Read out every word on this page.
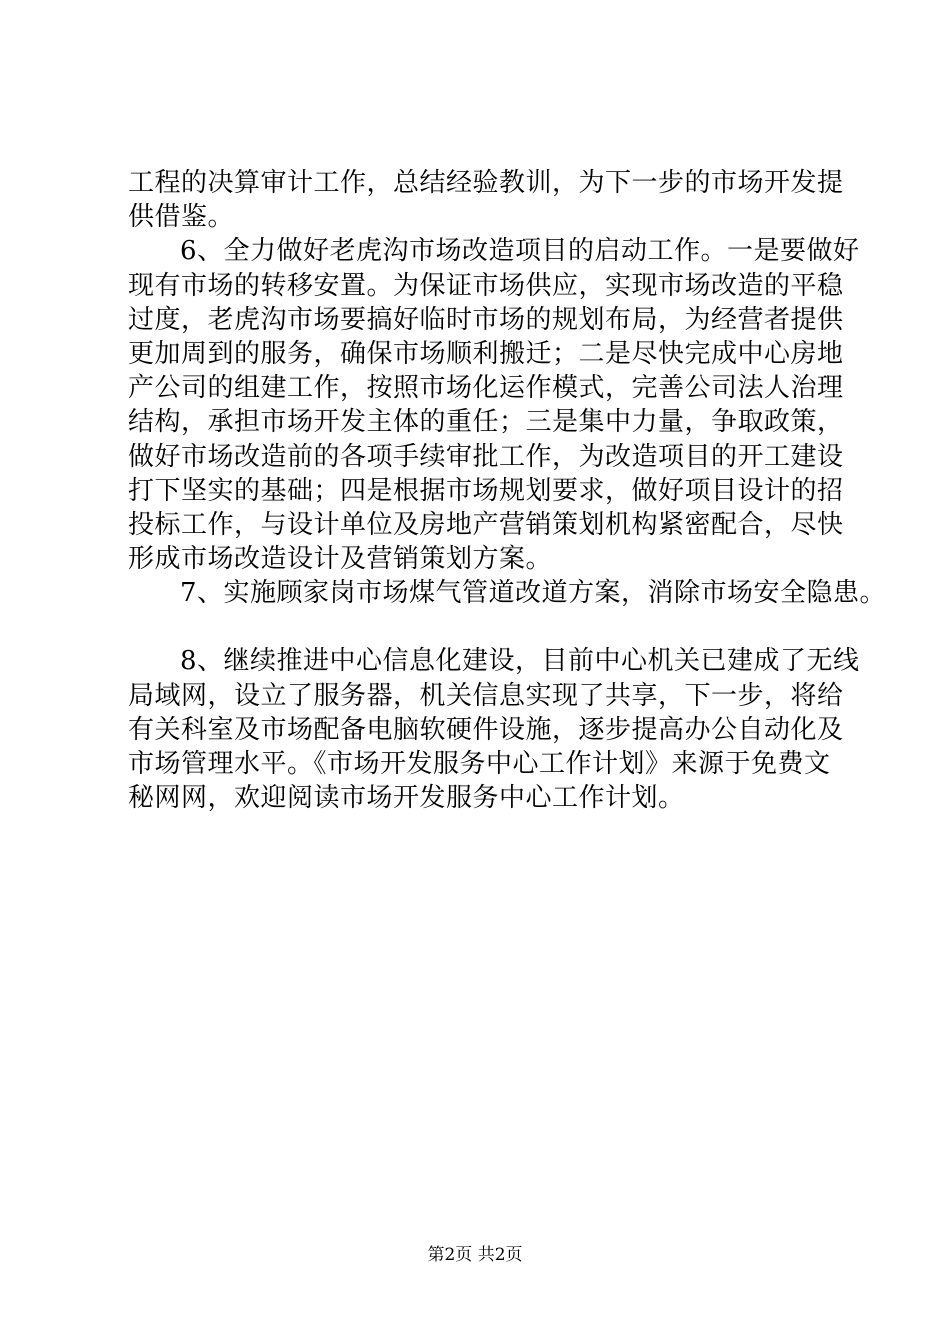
工程的决算审计工作，总结经验教训，为下一步的市场开发提
供借鉴。
6、全力做好老虎沟市场改造项目的启动工作。一是要做好
现有市场的转移安置。为保证市场供应，实现市场改造的平稳
过度，老虎沟市场要搞好临时市场的规划布局，为经营者提供
更加周到的服务，确保市场顺利搬迁；二是尽快完成中心房地
产公司的组建工作，按照市场化运作模式，完善公司法人治理
结构，承担市场开发主体的重任；三是集中力量，争取政策，
做好市场改造前的各项手续审批工作，为改造项目的开工建设
打下坚实的基础；四是根据市场规划要求，做好项目设计的招
投标工作，与设计单位及房地产营销策划机构紧密配合，尽快
形成市场改造设计及营销策划方案。
7、实施顾家岗市场煤气管道改道方案，消除市场安全隐患。
8、继续推进中心信息化建设，目前中心机关已建成了无线
局域网，设立了服务器，机关信息实现了共享，下一步，将给
有关科室及市场配备电脑软硬件设施，逐步提高办公自动化及
市场管理水平。《市场开发服务中心工作计划》来源于免费文
秘网网，欢迎阅读市场开发服务中心工作计划。
第2页 共2页
